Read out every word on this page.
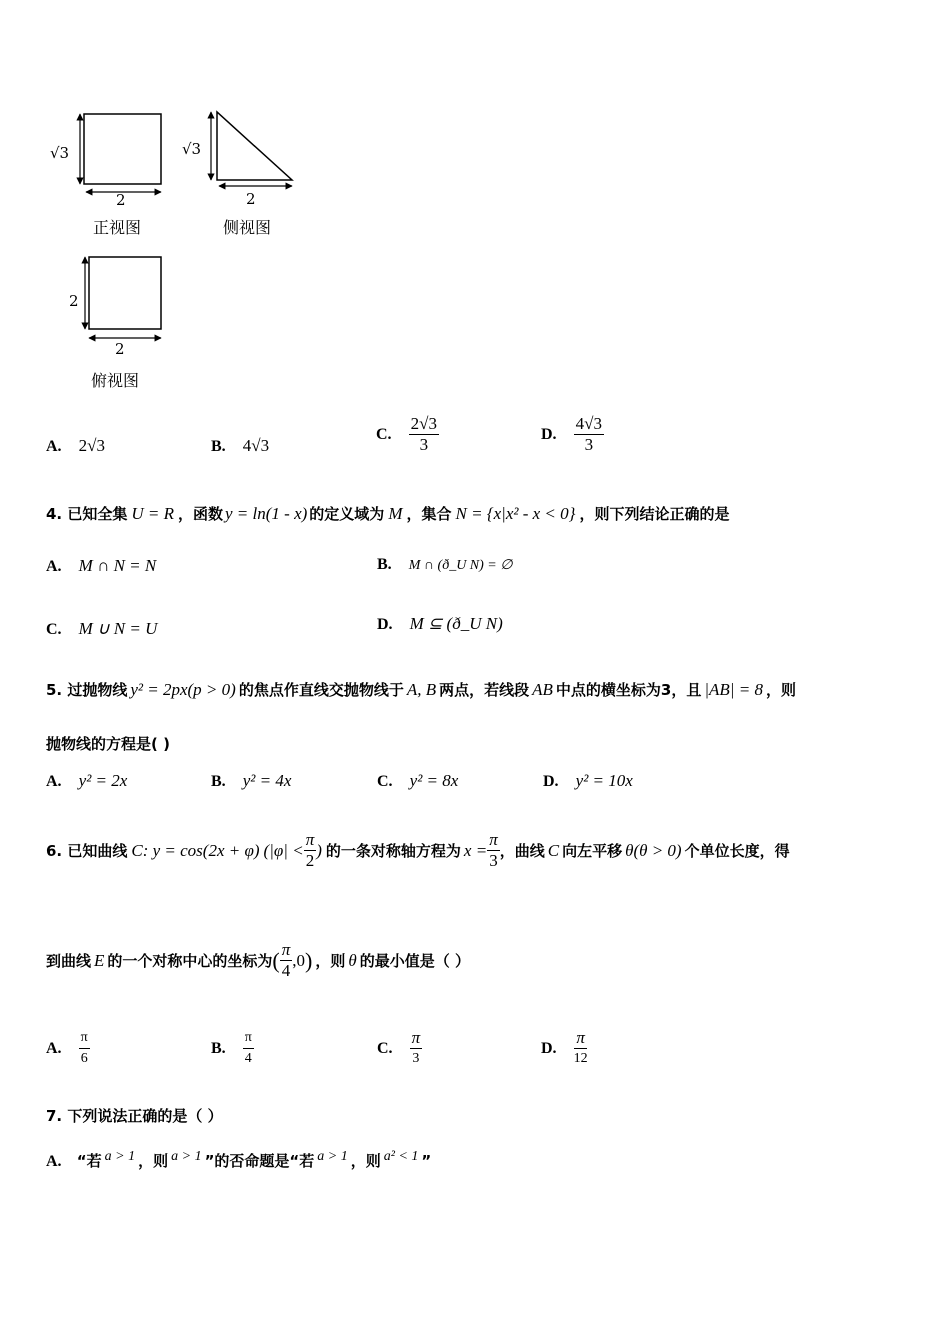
√3
2
正视图
√3
2
侧视图
2
2
俯视图
A. 2√3	B. 4√3
C. $\frac{2√3}{3}$	D. $\frac{4√3}{3}$
4. 已知全集 U = R ，函数 y = ln(1 - x) 的定义域为 M ，集合 N = {x|x² - x < 0} ，则下列结论正确的是
A. M ∩ N = N	B. M ∩ (ð_U N) = ∅
C. M ∪ N = U	D. M ⊆ (ð_U N)
5. 过抛物线 y² = 2px(p > 0) 的焦点作直线交抛物线于 A, B 两点，若线段 AB 中点的横坐标为3，且 |AB| = 8 ，则
抛物线的方程是( )
A. y² = 2x	B. y² = 4x	C. y² = 8x	D. y² = 10x
6. 已知曲线 C: y = cos(2x + φ) ($|\varphi| < \frac{\pi}{2}$ ) 的一条对称轴方程为 $x = \frac{\pi}{3}$ ，曲线 C 向左平移 θ(θ > 0) 个单位长度，得
到曲线 E 的一个对称中心的坐标为 ( $\frac{\pi}{4} ,0$ ) ，则 θ 的最小值是（ ）
A. $\frac{\pi}{6}$	B. $\frac{\pi}{4}$	C. $\frac{\pi}{3}$	D. $\frac{\pi}{12}$
7. 下列说法正确的是（ ）
A. “若 a > 1 ，则 a > 1 ”的否命题是“若 a > 1 ，则 a² < 1 ”
